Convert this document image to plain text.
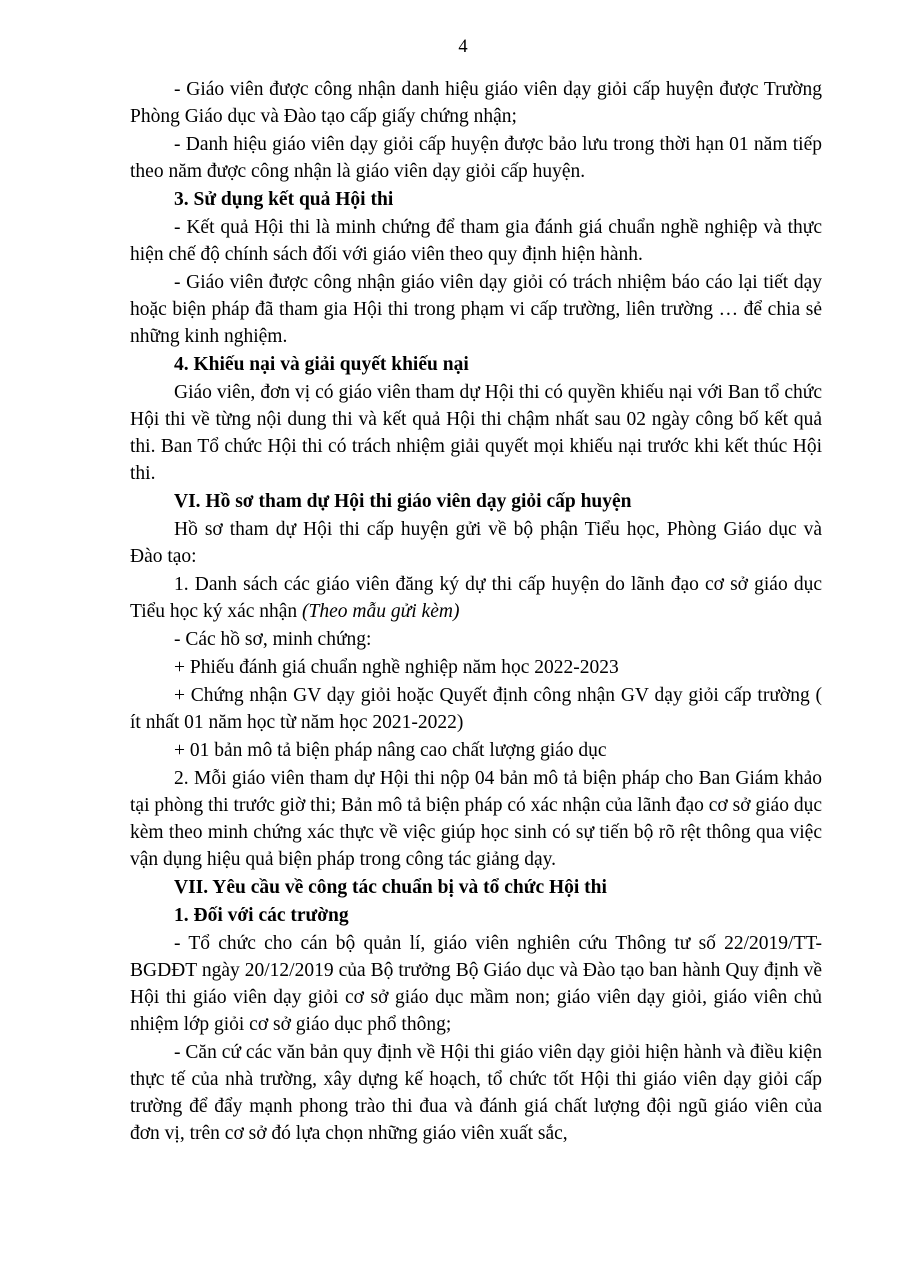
4

- Giáo viên được công nhận danh hiệu giáo viên dạy giỏi cấp huyện được Trường Phòng Giáo dục và Đào tạo cấp giấy chứng nhận;

- Danh hiệu giáo viên dạy giỏi cấp huyện được bảo lưu trong thời hạn 01 năm tiếp theo năm được công nhận là giáo viên dạy giỏi cấp huyện.

3. Sử dụng kết quả Hội thi

- Kết quả Hội thi là minh chứng để tham gia đánh giá chuẩn nghề nghiệp và thực hiện chế độ chính sách đối với giáo viên theo quy định hiện hành.

- Giáo viên được công nhận giáo viên dạy giỏi có trách nhiệm báo cáo lại tiết dạy hoặc biện pháp đã tham gia Hội thi trong phạm vi cấp trường, liên trường … để chia sẻ những kinh nghiệm.

4. Khiếu nại và giải quyết khiếu nại

Giáo viên, đơn vị có giáo viên tham dự Hội thi có quyền khiếu nại với Ban tổ chức Hội thi về từng nội dung thi và kết quả Hội thi chậm nhất sau 02 ngày công bố kết quả thi. Ban Tổ chức Hội thi có trách nhiệm giải quyết mọi khiếu nại trước khi kết thúc Hội thi.

VI. Hồ sơ tham dự Hội thi giáo viên dạy giỏi cấp huyện

Hồ sơ tham dự Hội thi cấp huyện gửi về bộ phận Tiểu học, Phòng Giáo dục và Đào tạo:

1. Danh sách các giáo viên đăng ký dự thi cấp huyện do lãnh đạo cơ sở giáo dục Tiểu học ký xác nhận (Theo mẫu gửi kèm)

- Các hồ sơ, minh chứng:

+ Phiếu đánh giá chuẩn nghề nghiệp năm học 2022-2023

+ Chứng nhận GV dạy giỏi hoặc Quyết định công nhận GV dạy giỏi cấp trường ( ít nhất 01 năm học từ năm học 2021-2022)

+ 01 bản mô tả biện pháp nâng cao chất lượng giáo dục

2. Mỗi giáo viên tham dự Hội thi nộp 04 bản mô tả biện pháp cho Ban Giám khảo tại phòng thi trước giờ thi; Bản mô tả biện pháp có xác nhận của lãnh đạo cơ sở giáo dục kèm theo minh chứng xác thực về việc giúp học sinh có sự tiến bộ rõ rệt thông qua việc vận dụng hiệu quả biện pháp trong công tác giảng dạy.

VII. Yêu cầu về công tác chuẩn bị và tổ chức Hội thi

1. Đối với các trường

- Tổ chức cho cán bộ quản lí, giáo viên nghiên cứu Thông tư số 22/2019/TT-BGDĐT ngày 20/12/2019 của Bộ trưởng Bộ Giáo dục và Đào tạo ban hành Quy định về Hội thi giáo viên dạy giỏi cơ sở giáo dục mầm non; giáo viên dạy giỏi, giáo viên chủ nhiệm lớp giỏi cơ sở giáo dục phổ thông;

- Căn cứ các văn bản quy định về Hội thi giáo viên dạy giỏi hiện hành và điều kiện thực tế của nhà trường, xây dựng kế hoạch, tổ chức tốt Hội thi giáo viên dạy giỏi cấp trường để đẩy mạnh phong trào thi đua và đánh giá chất lượng đội ngũ giáo viên của đơn vị, trên cơ sở đó lựa chọn những giáo viên xuất sắc,
